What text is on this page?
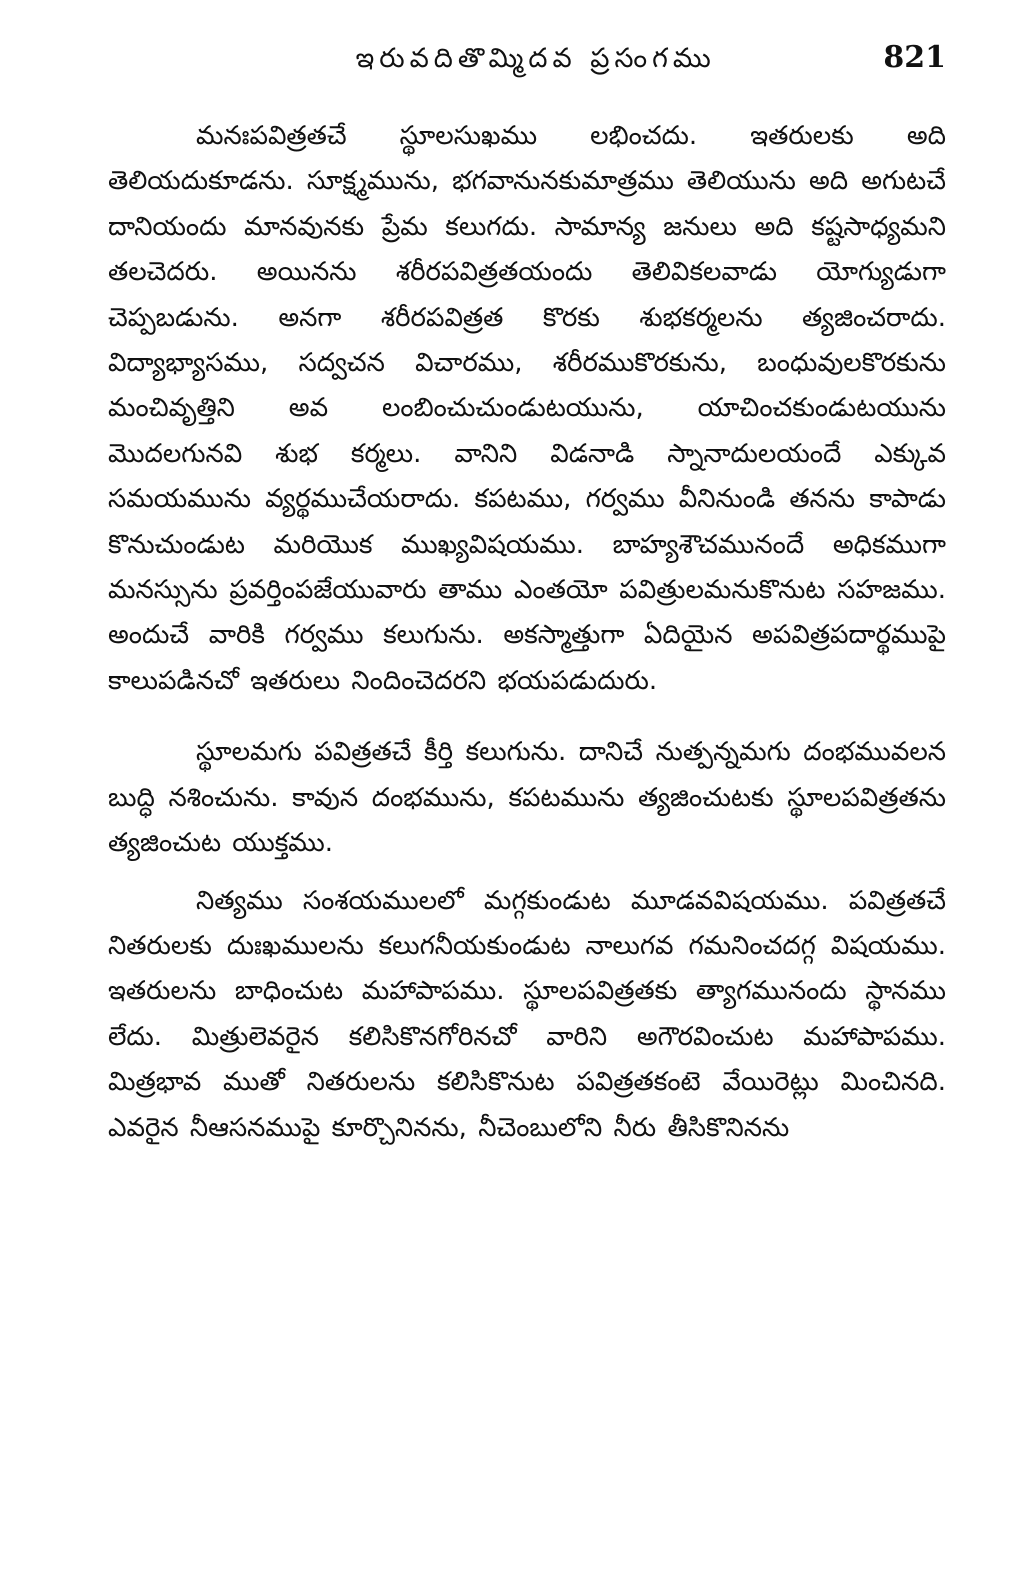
ఇరువదితొమ్మిదవ ప్రసంగము	821

మనఃపవిత్రతచే స్థూలసుఖము లభించదు. ఇతరులకు అది తెలియదుకూడను. సూక్ష్మమును, భగవానునకుమాత్రము తెలియును అది అగుటచే దానియందు మానవునకు ప్రేమ కలుగదు. సామాన్య జనులు అది కష్టసాధ్యమని తలచెదరు. అయినను శరీరపవిత్రతయందు తెలివికలవాడు యోగ్యుడుగా చెప్పబడును. అనగా శరీరపవిత్రత కొరకు శుభకర్మలను త్యజించరాదు. విద్యాభ్యాసము, సద్వచన విచారము, శరీరముకొరకును, బంధువులకొరకును మంచివృత్తిని అవ లంబించుచుండుటయును, యాచించకుండుటయును మొదలగునవి శుభ కర్మలు. వానిని విడనాడి స్నానాదులయందే ఎక్కువ సమయమును వ్యర్థముచేయరాదు. కపటము, గర్వము వీనినుండి తనను కాపాడు కొనుచుండుట మరియొక ముఖ్యవిషయము. బాహ్యశౌచమునందే అధికముగా మనస్సును ప్రవర్తింపజేయువారు తాము ఎంతయో పవిత్రులమనుకొనుట సహజము. అందుచే వారికి గర్వము కలుగును. అకస్మాత్తుగా ఏదియైన అపవిత్రపదార్థముపై కాలుపడినచో ఇతరులు నిందించెదరని భయపడుదురు.

స్థూలమగు పవిత్రతచే కీర్తి కలుగును. దానిచే నుత్పన్నమగు దంభమువలన బుద్ధి నశించును. కావున దంభమును, కపటమును త్యజించుటకు స్థూలపవిత్రతను త్యజించుట యుక్తము.

నిత్యము సంశయములలో మగ్గకుండుట మూడవవిషయము. పవిత్రతచే నితరులకు దుఃఖములను కలుగనీయకుండుట నాలుగవ గమనించదగ్గ విషయము. ఇతరులను బాధించుట మహాపాపము. స్థూలపవిత్రతకు త్యాగమునందు స్థానము లేదు. మిత్రులెవరైన కలిసికొనగోరినచో వారిని అగౌరవించుట మహాపాపము. మిత్రభావ ముతో నితరులను కలిసికొనుట పవిత్రతకంటె వేయిరెట్లు మించినది. ఎవరైన నీఆసనముపై కూర్చొనినను, నీచెంబులోని నీరు తీసికొనినను
